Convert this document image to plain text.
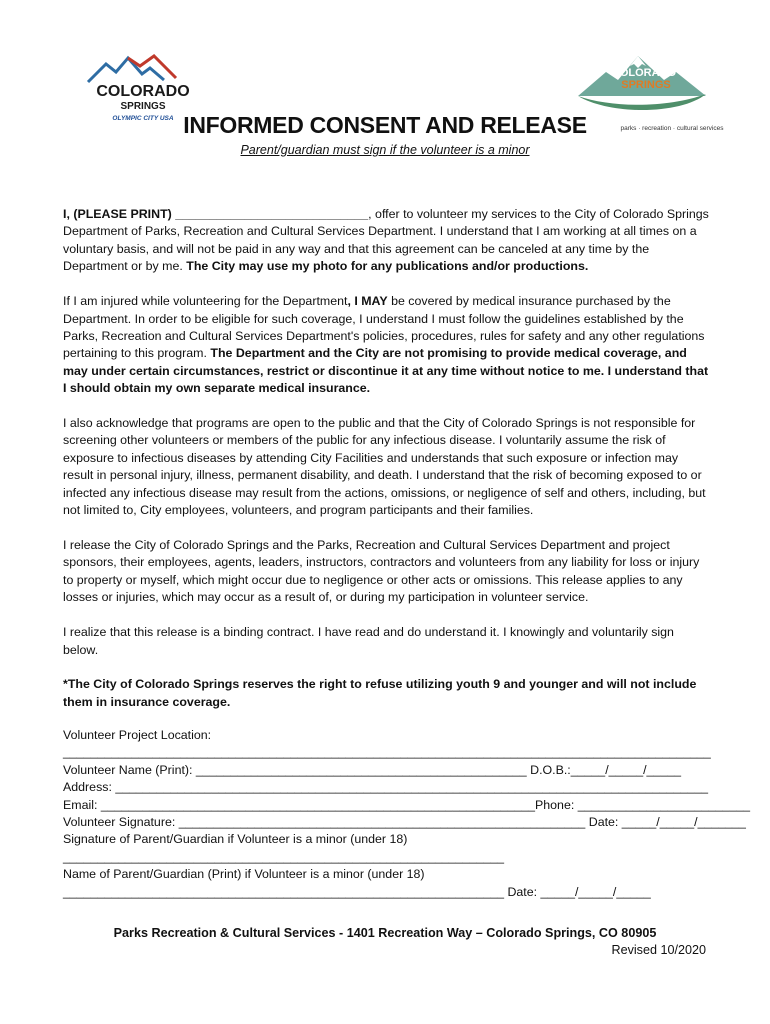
COLORADO
SPRINGS
OLYMPIC CITY USA
COLORADO
SPRINGS
parks · recreation · cultural services
INFORMED CONSENT AND RELEASE
Parent/guardian must sign if the volunteer is a minor

I, (PLEASE PRINT) ____________________________, offer to volunteer my services to the City of Colorado Springs Department of Parks, Recreation and Cultural Services Department. I understand that I am working at all times on a voluntary basis, and will not be paid in any way and that this agreement can be canceled at any time by the Department or by me. The City may use my photo for any publications and/or productions.

If I am injured while volunteering for the Department, I MAY be covered by medical insurance purchased by the Department. In order to be eligible for such coverage, I understand I must follow the guidelines established by the Parks, Recreation and Cultural Services Department's policies, procedures, rules for safety and any other regulations pertaining to this program. The Department and the City are not promising to provide medical coverage, and may under certain circumstances, restrict or discontinue it at any time without notice to me. I understand that I should obtain my own separate medical insurance.

I also acknowledge that programs are open to the public and that the City of Colorado Springs is not responsible for screening other volunteers or members of the public for any infectious disease. I voluntarily assume the risk of exposure to infectious diseases by attending City Facilities and understands that such exposure or infection may result in personal injury, illness, permanent disability, and death. I understand that the risk of becoming exposed to or infected any infectious disease may result from the actions, omissions, or negligence of self and others, including, but not limited to, City employees, volunteers, and program participants and their families.

I release the City of Colorado Springs and the Parks, Recreation and Cultural Services Department and project sponsors, their employees, agents, leaders, instructors, contractors and volunteers from any liability for loss or injury to property or myself, which might occur due to negligence or other acts or omissions. This release applies to any losses or injuries, which may occur as a result of, or during my participation in volunteer service.

I realize that this release is a binding contract. I have read and do understand it. I knowingly and voluntarily sign below.

*The City of Colorado Springs reserves the right to refuse utilizing youth 9 and younger and will not include them in insurance coverage.

Volunteer Project Location:
______________________________________________________________________________________________
Volunteer Name (Print): ________________________________________________ D.O.B.:_____/_____/_____
Address: ______________________________________________________________________________________
Email: _______________________________________________________________Phone: _________________________
Volunteer Signature: ___________________________________________________________ Date: _____/_____/_______
Signature of Parent/Guardian if Volunteer is a minor (under 18)
________________________________________________________________
Name of Parent/Guardian (Print) if Volunteer is a minor (under 18)
________________________________________________________________ Date: _____/_____/_____
Parks Recreation & Cultural Services - 1401 Recreation Way – Colorado Springs, CO 80905
Revised 10/2020
